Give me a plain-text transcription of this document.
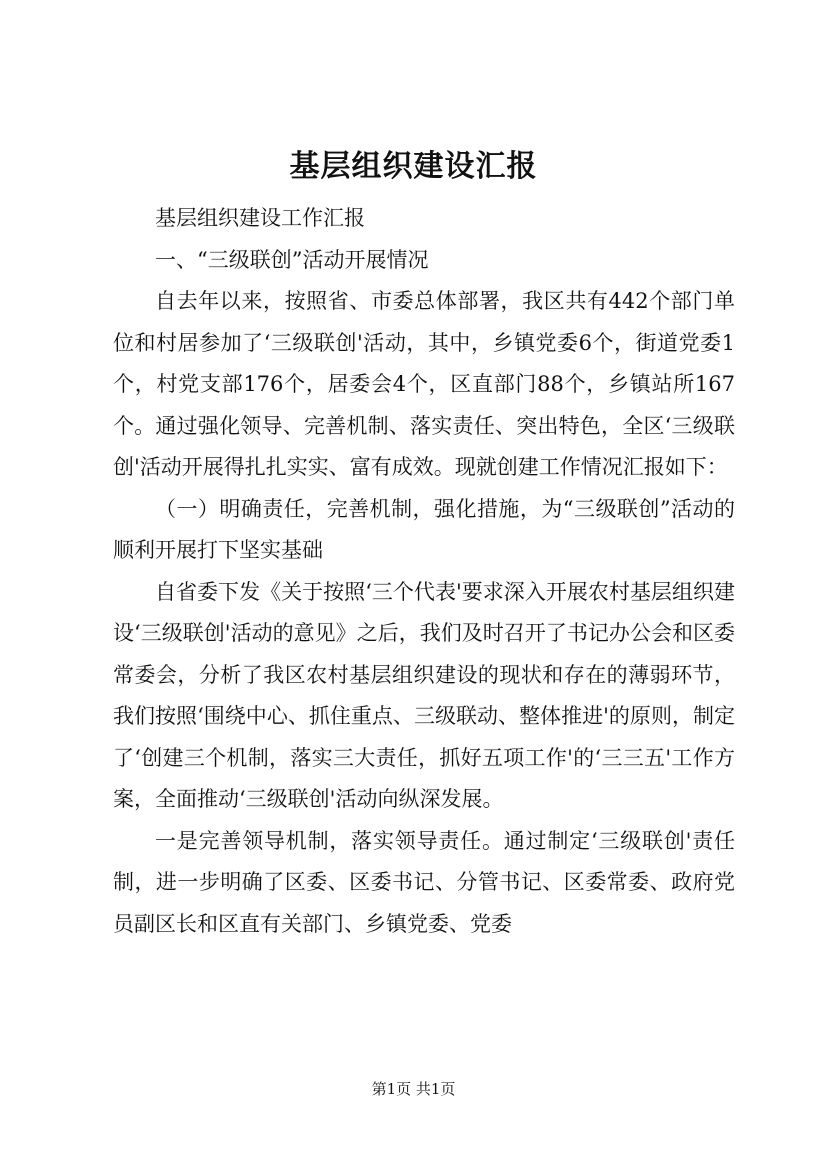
基层组织建设汇报

基层组织建设工作汇报

一、“三级联创”活动开展情况

自去年以来，按照省、市委总体部署，我区共有442个部门单位和村居参加了‘三级联创'活动，其中，乡镇党委6个，街道党委1个，村党支部176个，居委会4个，区直部门88个，乡镇站所167个。通过强化领导、完善机制、落实责任、突出特色，全区‘三级联创'活动开展得扎扎实实、富有成效。现就创建工作情况汇报如下：

（一）明确责任，完善机制，强化措施，为“三级联创”活动的顺利开展打下坚实基础

自省委下发《关于按照‘三个代表'要求深入开展农村基层组织建设‘三级联创'活动的意见》之后，我们及时召开了书记办公会和区委常委会，分析了我区农村基层组织建设的现状和存在的薄弱环节，我们按照‘围绕中心、抓住重点、三级联动、整体推进'的原则，制定了‘创建三个机制，落实三大责任，抓好五项工作'的‘三三五'工作方案，全面推动‘三级联创'活动向纵深发展。

一是完善领导机制，落实领导责任。通过制定‘三级联创'责任制，进一步明确了区委、区委书记、分管书记、区委常委、政府党员副区长和区直有关部门、乡镇党委、党委

第1页 共1页
